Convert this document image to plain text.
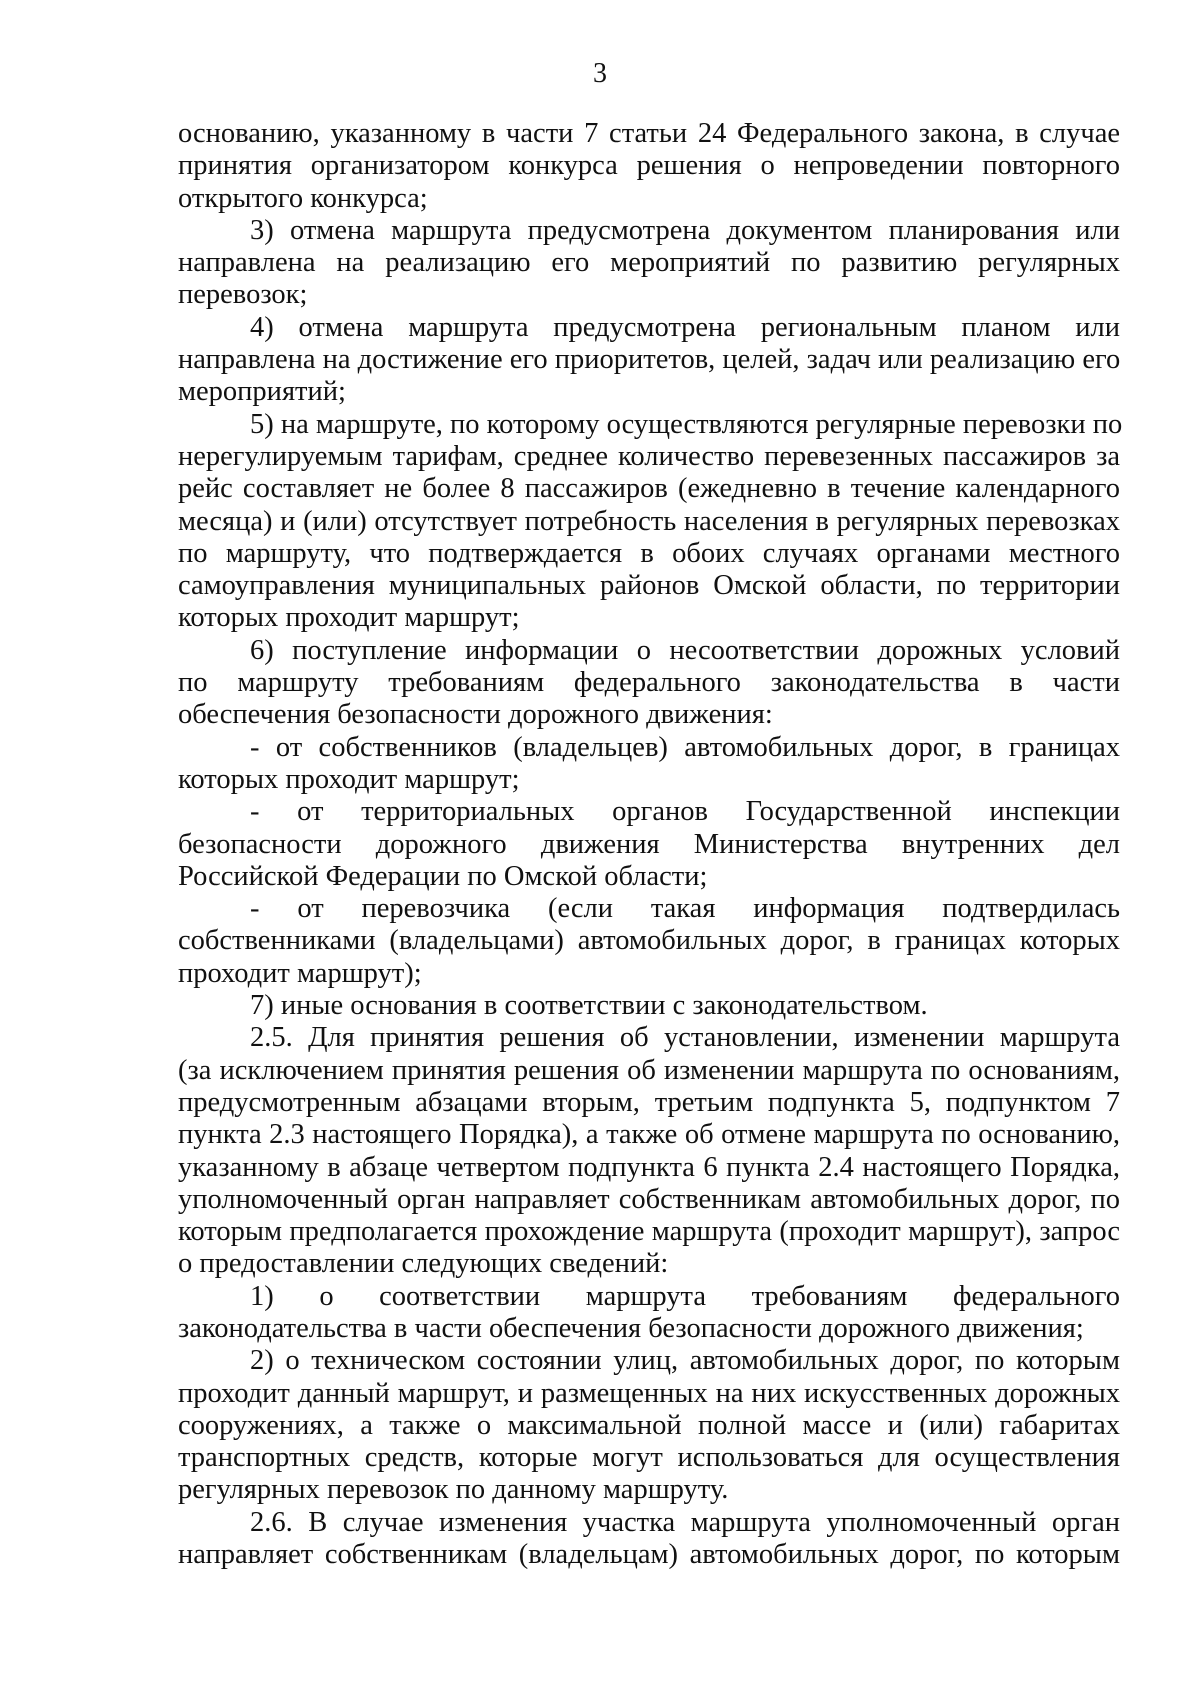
3
основанию, указанному в части 7 статьи 24 Федерального закона, в случае
принятия организатором конкурса решения о непроведении повторного
открытого конкурса;
3) отмена маршрута предусмотрена документом планирования или
направлена на реализацию его мероприятий по развитию регулярных
перевозок;
4) отмена маршрута предусмотрена региональным планом или
направлена на достижение его приоритетов, целей, задач или реализацию его
мероприятий;
5) на маршруте, по которому осуществляются регулярные перевозки по
нерегулируемым тарифам, среднее количество перевезенных пассажиров за
рейс составляет не более 8 пассажиров (ежедневно в течение календарного
месяца) и (или) отсутствует потребность населения в регулярных перевозках
по маршруту, что подтверждается в обоих случаях органами местного
самоуправления муниципальных районов Омской области, по территории
которых проходит маршрут;
6) поступление информации о несоответствии дорожных условий
по маршруту требованиям федерального законодательства в части
обеспечения безопасности дорожного движения:
- от собственников (владельцев) автомобильных дорог, в границах
которых проходит маршрут;
- от территориальных органов Государственной инспекции
безопасности дорожного движения Министерства внутренних дел
Российской Федерации по Омской области;
- от перевозчика (если такая информация подтвердилась
собственниками (владельцами) автомобильных дорог, в границах которых
проходит маршрут);
7) иные основания в соответствии с законодательством.
2.5. Для принятия решения об установлении, изменении маршрута
(за исключением принятия решения об изменении маршрута по основаниям,
предусмотренным абзацами вторым, третьим подпункта 5, подпунктом 7
пункта 2.3 настоящего Порядка), а также об отмене маршрута по основанию,
указанному в абзаце четвертом подпункта 6 пункта 2.4 настоящего Порядка,
уполномоченный орган направляет собственникам автомобильных дорог, по
которым предполагается прохождение маршрута (проходит маршрут), запрос
о предоставлении следующих сведений:
1) о соответствии маршрута требованиям федерального
законодательства в части обеспечения безопасности дорожного движения;
2) о техническом состоянии улиц, автомобильных дорог, по которым
проходит данный маршрут, и размещенных на них искусственных дорожных
сооружениях, а также о максимальной полной массе и (или) габаритах
транспортных средств, которые могут использоваться для осуществления
регулярных перевозок по данному маршруту.
2.6. В случае изменения участка маршрута уполномоченный орган
направляет собственникам (владельцам) автомобильных дорог, по которым
